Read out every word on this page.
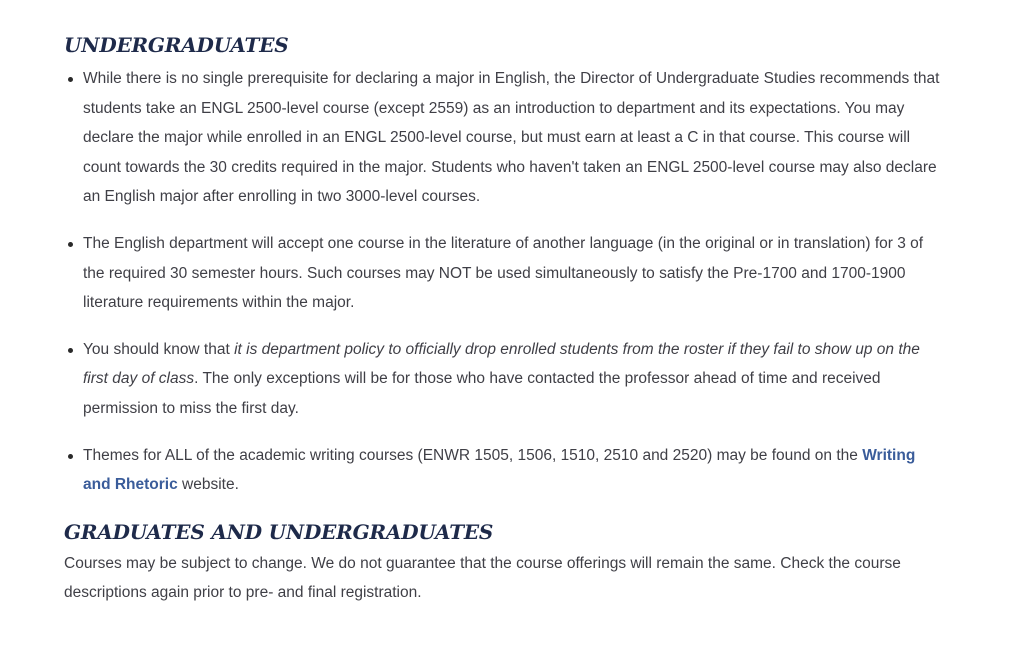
UNDERGRADUATES
While there is no single prerequisite for declaring a major in English, the Director of Undergraduate Studies recommends that students take an ENGL 2500-level course (except 2559) as an introduction to department and its expectations. You may declare the major while enrolled in an ENGL 2500-level course, but must earn at least a C in that course. This course will count towards the 30 credits required in the major. Students who haven't taken an ENGL 2500-level course may also declare an English major after enrolling in two 3000-level courses.
The English department will accept one course in the literature of another language (in the original or in translation) for 3 of the required 30 semester hours. Such courses may NOT be used simultaneously to satisfy the Pre-1700 and 1700-1900 literature requirements within the major.
You should know that it is department policy to officially drop enrolled students from the roster if they fail to show up on the first day of class. The only exceptions will be for those who have contacted the professor ahead of time and received permission to miss the first day.
Themes for ALL of the academic writing courses (ENWR 1505, 1506, 1510, 2510 and 2520) may be found on the Writing and Rhetoric website.
GRADUATES AND UNDERGRADUATES

Courses may be subject to change. We do not guarantee that the course offerings will remain the same. Check the course descriptions again prior to pre- and final registration.
